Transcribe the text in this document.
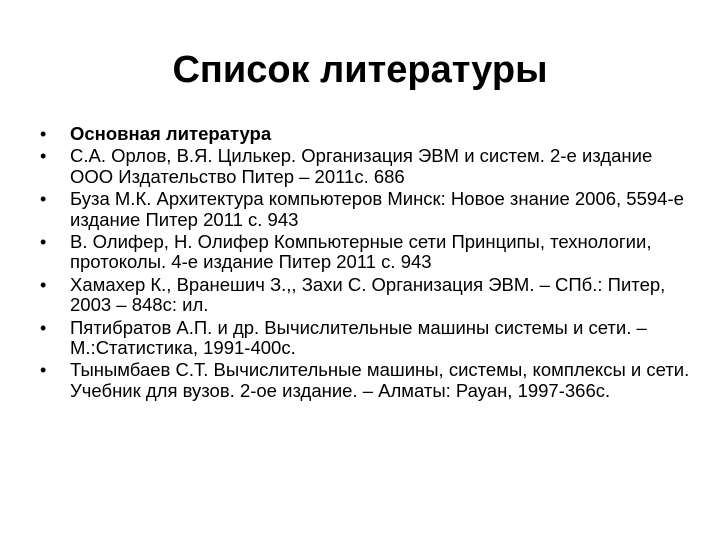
Список литературы
• Основная литература
• С.А. Орлов, В.Я. Цилькер. Организация ЭВМ и систем. 2-е издание ООО Издательство Питер – 2011с. 686
• Буза М.К. Архитектура компьютеров Минск: Новое знание 2006, 5594-е издание Питер 2011 с. 943
• В. Олифер, Н. Олифер Компьютерные сети Принципы, технологии, протоколы. 4-е издание Питер 2011 с. 943
• Хамахер К., Вранешич З.,, Захи С. Организация ЭВМ. – СПб.: Питер, 2003 – 848с: ил.
• Пятибратов А.П. и др. Вычислительные машины системы и сети. – М.:Статистика, 1991-400с.
• Тынымбаев С.Т. Вычислительные машины, системы, комплексы и сети. Учебник для вузов. 2-ое издание. – Алматы: Рауан, 1997-366с.
